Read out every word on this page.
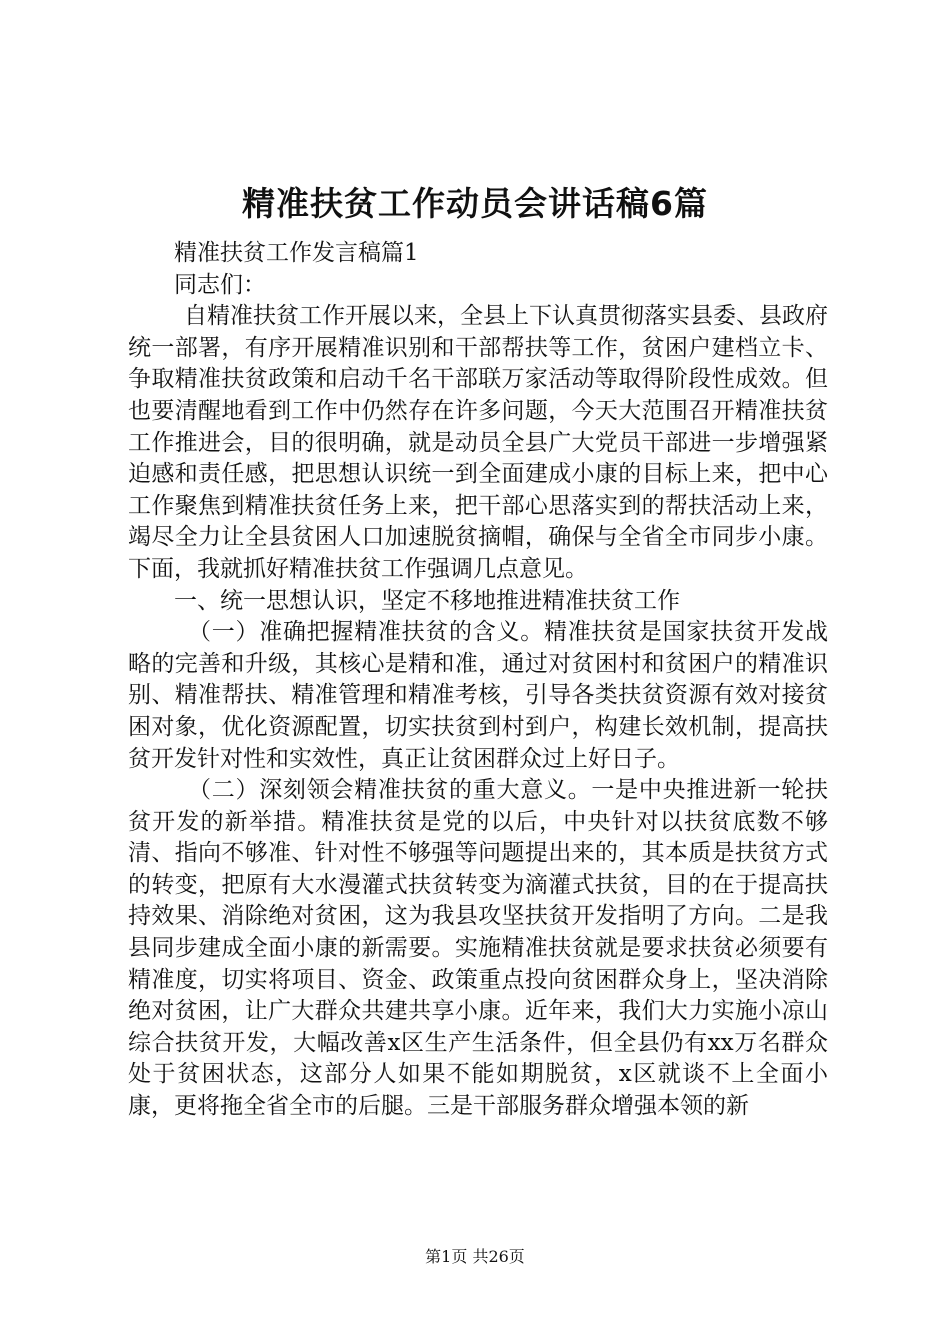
精准扶贫工作动员会讲话稿6篇

精准扶贫工作发言稿篇1

同志们：

自精准扶贫工作开展以来，全县上下认真贯彻落实县委、县政府统一部署，有序开展精准识别和干部帮扶等工作，贫困户建档立卡、争取精准扶贫政策和启动千名干部联万家活动等取得阶段性成效。但也要清醒地看到工作中仍然存在许多问题，今天大范围召开精准扶贫工作推进会，目的很明确，就是动员全县广大党员干部进一步增强紧迫感和责任感，把思想认识统一到全面建成小康的目标上来，把中心工作聚焦到精准扶贫任务上来，把干部心思落实到的帮扶活动上来，竭尽全力让全县贫困人口加速脱贫摘帽，确保与全省全市同步小康。下面，我就抓好精准扶贫工作强调几点意见。

一、统一思想认识，坚定不移地推进精准扶贫工作

（一）准确把握精准扶贫的含义。精准扶贫是国家扶贫开发战略的完善和升级，其核心是精和准，通过对贫困村和贫困户的精准识别、精准帮扶、精准管理和精准考核，引导各类扶贫资源有效对接贫困对象，优化资源配置，切实扶贫到村到户，构建长效机制，提高扶贫开发针对性和实效性，真正让贫困群众过上好日子。

（二）深刻领会精准扶贫的重大意义。一是中央推进新一轮扶贫开发的新举措。精准扶贫是党的以后，中央针对以扶贫底数不够清、指向不够准、针对性不够强等问题提出来的，其本质是扶贫方式的转变，把原有大水漫灌式扶贫转变为滴灌式扶贫，目的在于提高扶持效果、消除绝对贫困，这为我县攻坚扶贫开发指明了方向。二是我县同步建成全面小康的新需要。实施精准扶贫就是要求扶贫必须要有精准度，切实将项目、资金、政策重点投向贫困群众身上，坚决消除绝对贫困，让广大群众共建共享小康。近年来，我们大力实施小凉山综合扶贫开发，大幅改善x区生产生活条件，但全县仍有xx万名群众处于贫困状态，这部分人如果不能如期脱贫，x区就谈不上全面小康，更将拖全省全市的后腿。三是干部服务群众增强本领的新

第1页 共26页
